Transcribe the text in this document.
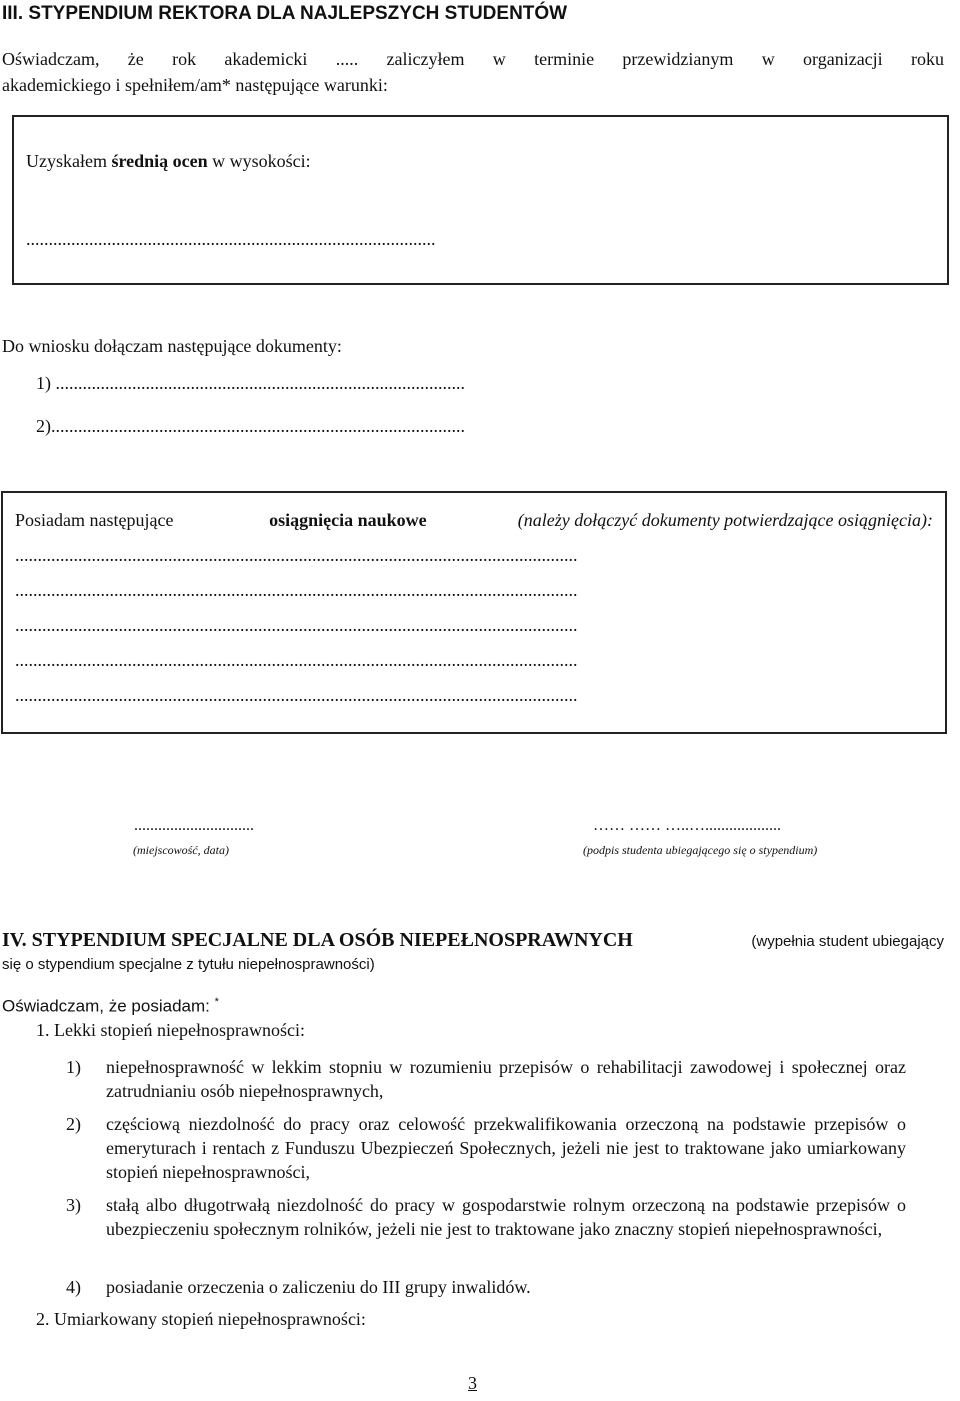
III. STYPENDIUM REKTORA DLA NAJLEPSZYCH STUDENTÓW
Oświadczam, że rok akademicki ..... zaliczyłem w terminie przewidzianym w organizacji roku
akademickiego i spełniłem/am* następujące warunki:
Uzyskałem średnią ocen w wysokości:
...........................................................................................
Do wniosku dołączam następujące dokumenty:
1) ...........................................................................................
2)............................................................................................
Posiadam następujące	osiągnięcia naukowe	(należy dołączyć dokumenty potwierdzające osiągnięcia):
.............................................................................................................................
.............................................................................................................................
.............................................................................................................................
.............................................................................................................................
.............................................................................................................................
..............................
(miejscowość, data)
…… …… …..…...................
(podpis studenta ubiegającego się o stypendium)
IV. STYPENDIUM SPECJALNE DLA OSÓB NIEPEŁNOSPRAWNYCH	(wypełnia student ubiegający
się o stypendium specjalne z tytułu niepełnosprawności)
Oświadczam, że posiadam: *
1. Lekki stopień niepełnosprawności:
1) niepełnosprawność w lekkim stopniu w rozumieniu przepisów o rehabilitacji zawodowej i społecznej oraz zatrudnianiu osób niepełnosprawnych,
2) częściową niezdolność do pracy oraz celowość przekwalifikowania orzeczoną na podstawie przepisów o emeryturach i rentach z Funduszu Ubezpieczeń Społecznych, jeżeli nie jest to traktowane jako umiarkowany stopień niepełnosprawności,
3) stałą albo długotrwałą niezdolność do pracy w gospodarstwie rolnym orzeczoną na podstawie przepisów o ubezpieczeniu społecznym rolników, jeżeli nie jest to traktowane jako znaczny stopień niepełnosprawności,
4) posiadanie orzeczenia o zaliczeniu do III grupy inwalidów.
2. Umiarkowany stopień niepełnosprawności:
3
